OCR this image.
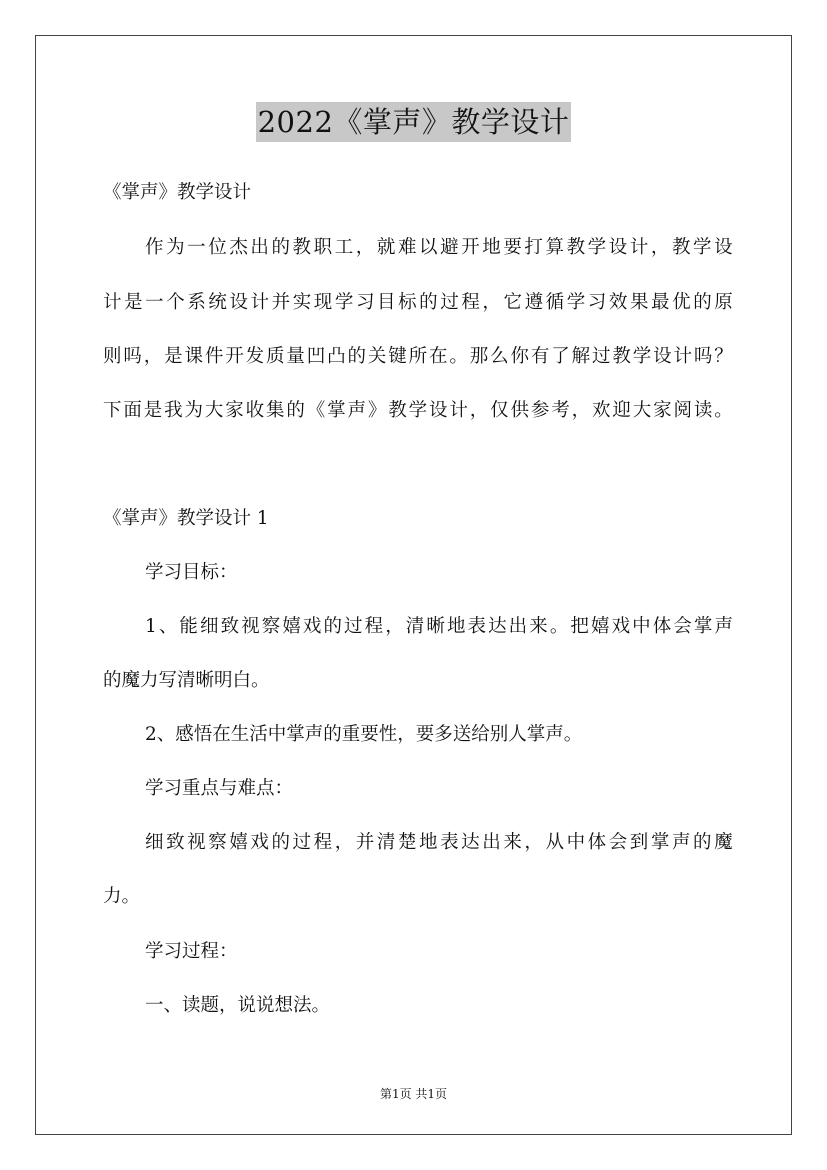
2022《掌声》教学设计
《掌声》教学设计
作 为 一 位 杰 出 的 教 职 工 ， 就 难 以 避 开 地 要 打 算 教 学 设 计 ， 教 学 设
计 是 一 个 系 统 设 计 并 实 现 学 习 目 标 的 过 程 ， 它 遵 循 学 习 效 果 最 优 的 原
则 吗 ， 是 课 件 开 发 质 量 凹 凸 的 关 键 所 在 。 那 么 你 有 了 解 过 教 学 设 计 吗 ？
下 面 是 我 为 大 家 收 集 的 《 掌 声 》 教 学 设 计 ， 仅 供 参 考 ， 欢 迎 大 家 阅 读 。
《掌声》教学设计 1
学习目标：
1 、 能 细 致 视 察 嬉 戏 的 过 程 ， 清 晰 地 表 达 出 来 。 把 嬉 戏 中 体 会 掌 声
的魔力写清晰明白。
2、感悟在生活中掌声的重要性，要多送给别人掌声。
学习重点与难点：
细 致 视 察 嬉 戏 的 过 程 ， 并 清 楚 地 表 达 出 来 ， 从 中 体 会 到 掌 声 的 魔
力。
学习过程：
一、读题，说说想法。
第1页 共1页
